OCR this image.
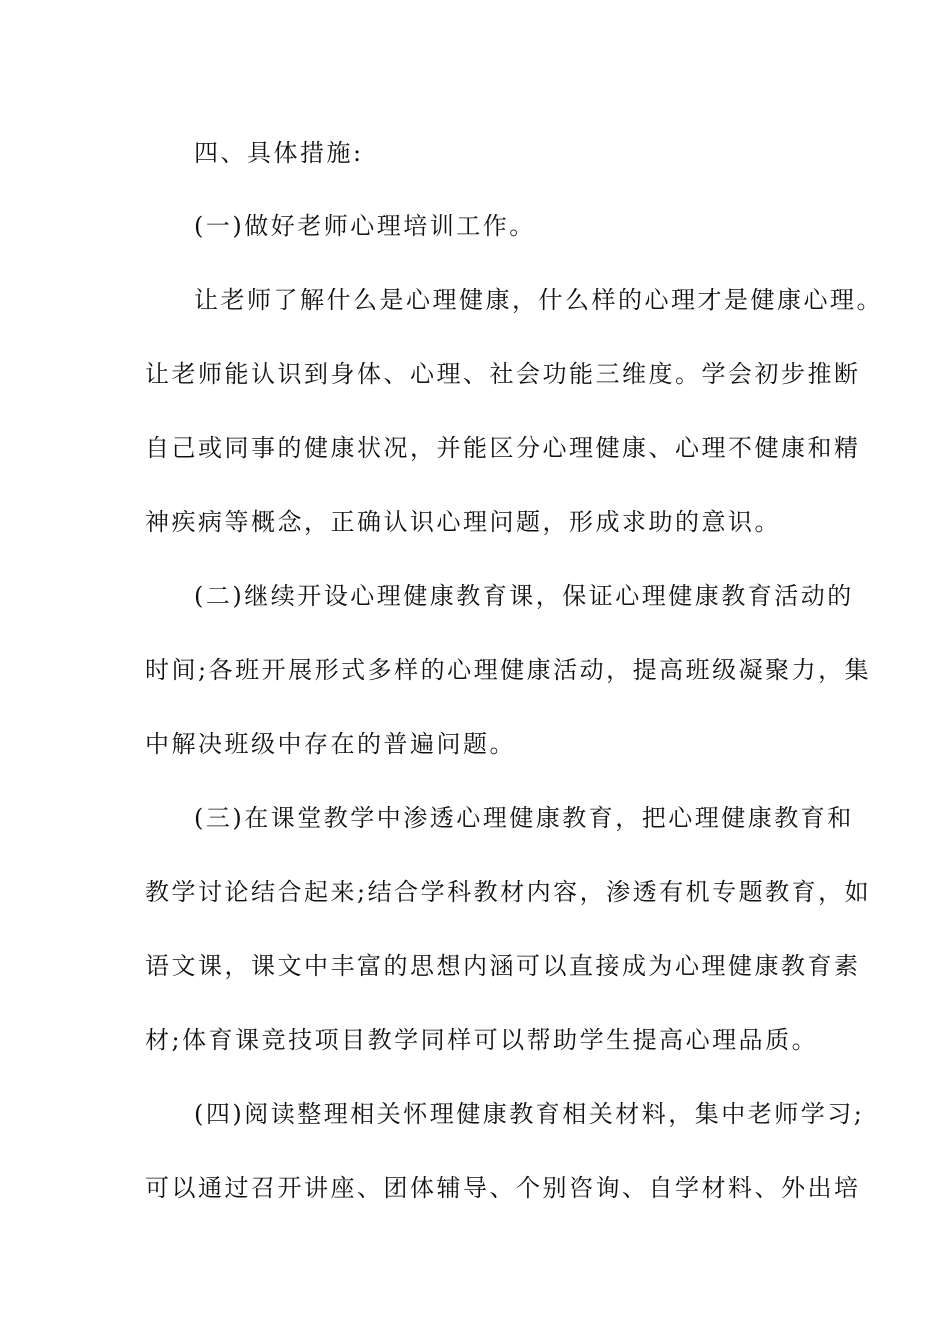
四、具体措施:
(一)做好老师心理培训工作。
让老师了解什么是心理健康，什么样的心理才是健康心理。
让老师能认识到身体、心理、社会功能三维度。学会初步推断
自己或同事的健康状况，并能区分心理健康、心理不健康和精
神疾病等概念，正确认识心理问题，形成求助的意识。
(二)继续开设心理健康教育课，保证心理健康教育活动的
时间;各班开展形式多样的心理健康活动，提高班级凝聚力，集
中解决班级中存在的普遍问题。
(三)在课堂教学中渗透心理健康教育，把心理健康教育和
教学讨论结合起来;结合学科教材内容，渗透有机专题教育，如
语文课，课文中丰富的思想内涵可以直接成为心理健康教育素
材;体育课竞技项目教学同样可以帮助学生提高心理品质。
(四)阅读整理相关怀理健康教育相关材料，集中老师学习;
可以通过召开讲座、团体辅导、个别咨询、自学材料、外出培
